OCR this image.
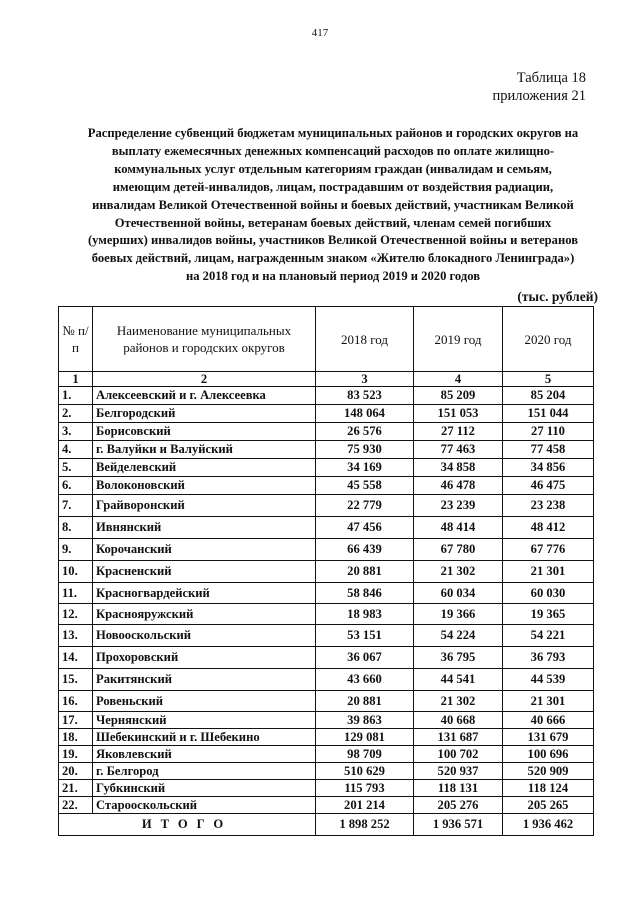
417
Таблица 18
приложения 21
Распределение субвенций бюджетам муниципальных районов и городских округов на выплату ежемесячных денежных компенсаций расходов по оплате жилищно-коммунальных услуг отдельным категориям граждан (инвалидам и семьям, имеющим детей-инвалидов, лицам, пострадавшим от воздействия радиации, инвалидам Великой Отечественной войны и боевых действий, участникам Великой Отечественной войны, ветеранам боевых действий, членам семей погибших (умерших) инвалидов войны, участников Великой Отечественной войны и ветеранов боевых действий, лицам, награжденным знаком «Жителю блокадного Ленинграда») на 2018 год и на плановый период 2019 и 2020 годов
(тыс. рублей)
№ п/п	Наименование муниципальных районов и городских округов	2018 год	2019 год	2020 год
1	2	3	4	5
1.	Алексеевский и г. Алексеевка	83 523	85 209	85 204
2.	Белгородский	148 064	151 053	151 044
3.	Борисовский	26 576	27 112	27 110
4.	г. Валуйки и Валуйский	75 930	77 463	77 458
5.	Вейделевский	34 169	34 858	34 856
6.	Волоконовский	45 558	46 478	46 475
7.	Грайворонский	22 779	23 239	23 238
8.	Ивнянский	47 456	48 414	48 412
9.	Корочанский	66 439	67 780	67 776
10.	Красненский	20 881	21 302	21 301
11.	Красногвардейский	58 846	60 034	60 030
12.	Краснояружский	18 983	19 366	19 365
13.	Новооскольский	53 151	54 224	54 221
14.	Прохоровский	36 067	36 795	36 793
15.	Ракитянский	43 660	44 541	44 539
16.	Ровеньский	20 881	21 302	21 301
17.	Чернянский	39 863	40 668	40 666
18.	Шебекинский и г. Шебекино	129 081	131 687	131 679
19.	Яковлевский	98 709	100 702	100 696
20.	г. Белгород	510 629	520 937	520 909
21.	Губкинский	115 793	118 131	118 124
22.	Старооскольский	201 214	205 276	205 265
ИТОГО		1 898 252	1 936 571	1 936 462
